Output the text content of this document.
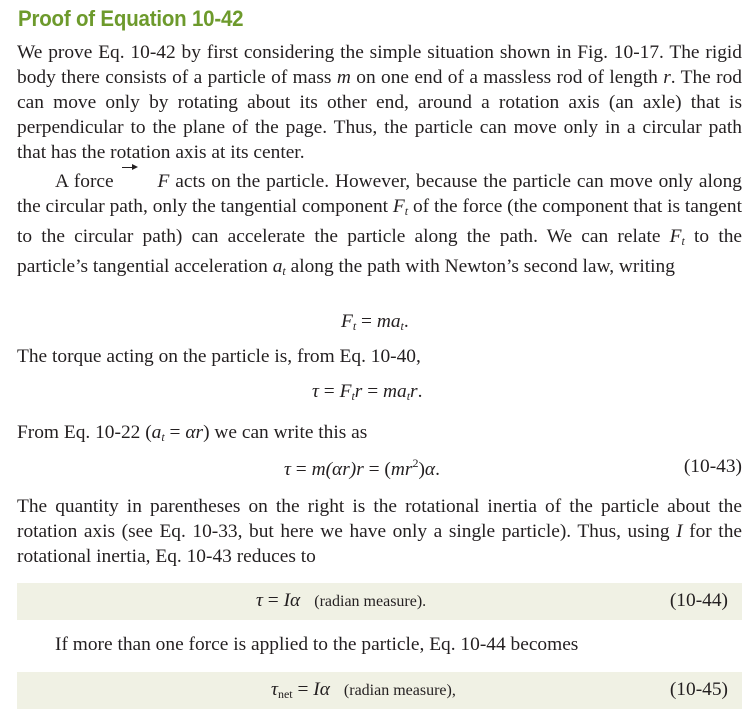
Proof of Equation 10-42
We prove Eq. 10-42 by first considering the simple situation shown in Fig. 10-17. The rigid body there consists of a particle of mass m on one end of a massless rod of length r. The rod can move only by rotating about its other end, around a rotation axis (an axle) that is perpendicular to the plane of the page. Thus, the particle can move only in a circular path that has the rotation axis at its center.
A force F acts on the particle. However, because the particle can move only along the circular path, only the tangential component $F_t$ of the force (the component that is tangent to the circular path) can accelerate the particle along the path. We can relate $F_t$ to the particle’s tangential acceleration $a_t$ along the path with Newton’s second law, writing
$F_t = ma_t$.
The torque acting on the particle is, from Eq. 10-40,
$\tau = F_tr = ma_tr$.
From Eq. 10-22 $(a_t = \alpha r)$ we can write this as
$\tau = m(\alpha r)r = (mr^2)\alpha$.	(10-43)
The quantity in parentheses on the right is the rotational inertia of the particle about the rotation axis (see Eq. 10-33, but here we have only a single particle). Thus, using I for the rotational inertia, Eq. 10-43 reduces to
τ = Iα (radian measure).	(10-44)
If more than one force is applied to the particle, Eq. 10-44 becomes
$\tau_{net} = I\alpha$ (radian measure),	(10-45)
